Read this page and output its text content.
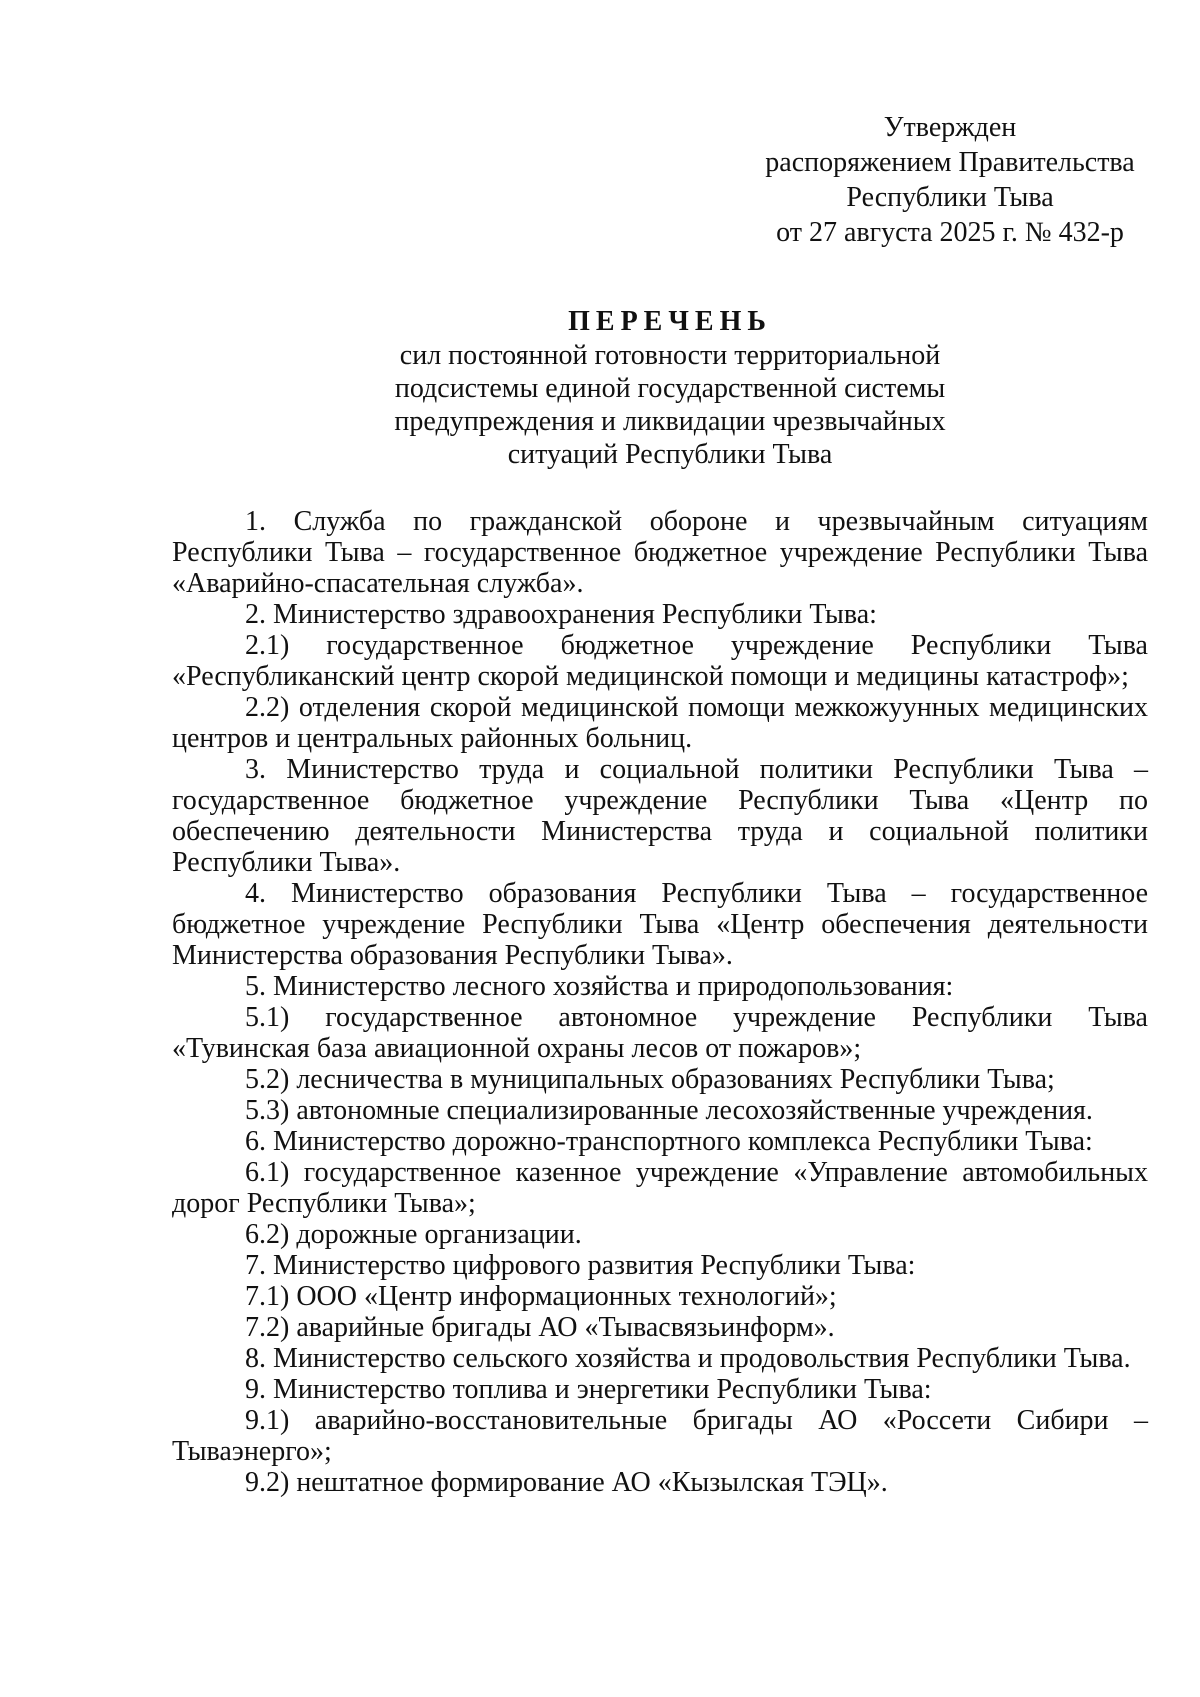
Утвержден
распоряжением Правительства
Республики Тыва
от 27 августа 2025 г. № 432-р
ПЕРЕЧЕНЬ
сил постоянной готовности территориальной
подсистемы единой государственной системы
предупреждения и ликвидации чрезвычайных
ситуаций Республики Тыва

1. Служба по гражданской обороне и чрезвычайным ситуациям Республики Тыва – государственное бюджетное учреждение Республики Тыва «Аварийно-спасательная служба».

2. Министерство здравоохранения Республики Тыва:

2.1) государственное бюджетное учреждение Республики Тыва «Республиканский центр скорой медицинской помощи и медицины катастроф»;

2.2) отделения скорой медицинской помощи межкожуунных медицинских центров и центральных районных больниц.

3. Министерство труда и социальной политики Республики Тыва – государственное бюджетное учреждение Республики Тыва «Центр по обеспечению деятельности Министерства труда и социальной политики Республики Тыва».

4. Министерство образования Республики Тыва – государственное бюджетное учреждение Республики Тыва «Центр обеспечения деятельности Министерства образования Республики Тыва».

5. Министерство лесного хозяйства и природопользования:

5.1) государственное автономное учреждение Республики Тыва «Тувинская база авиационной охраны лесов от пожаров»;

5.2) лесничества в муниципальных образованиях Республики Тыва;

5.3) автономные специализированные лесохозяйственные учреждения.

6. Министерство дорожно-транспортного комплекса Республики Тыва:

6.1) государственное казенное учреждение «Управление автомобильных дорог Республики Тыва»;

6.2) дорожные организации.

7. Министерство цифрового развития Республики Тыва:

7.1) ООО «Центр информационных технологий»;

7.2) аварийные бригады АО «Тывасвязьинформ».

8. Министерство сельского хозяйства и продовольствия Республики Тыва.

9. Министерство топлива и энергетики Республики Тыва:

9.1) аварийно-восстановительные бригады АО «Россети Сибири – Тываэнерго»;

9.2) нештатное формирование АО «Кызылская ТЭЦ».
